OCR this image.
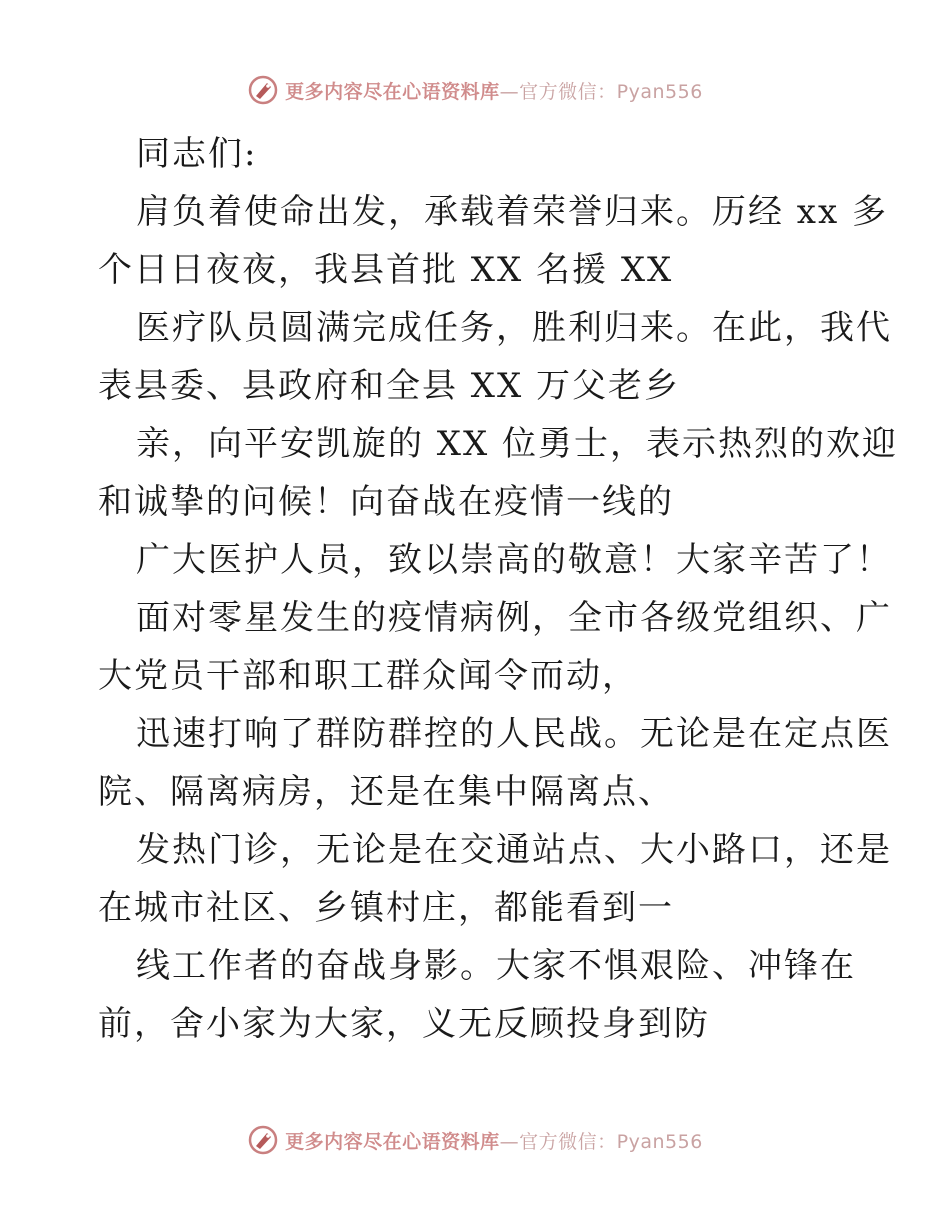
更多内容尽在心语资料库—官方微信：Pyan556
同志们:
肩负着使命出发，承载着荣誉归来。历经 xx 多
个日日夜夜，我县首批 XX 名援 XX
医疗队员圆满完成任务，胜利归来。在此，我代
表县委、县政府和全县 XX 万父老乡
亲，向平安凯旋的 XX 位勇士，表示热烈的欢迎
和诚挚的问候！向奋战在疫情一线的
广大医护人员，致以崇高的敬意！大家辛苦了！
面对零星发生的疫情病例，全市各级党组织、广
大党员干部和职工群众闻令而动，
迅速打响了群防群控的人民战。无论是在定点医
院、隔离病房，还是在集中隔离点、
发热门诊，无论是在交通站点、大小路口，还是
在城市社区、乡镇村庄，都能看到一
线工作者的奋战身影。大家不惧艰险、冲锋在
前，舍小家为大家，义无反顾投身到防
更多内容尽在心语资料库—官方微信：Pyan556
